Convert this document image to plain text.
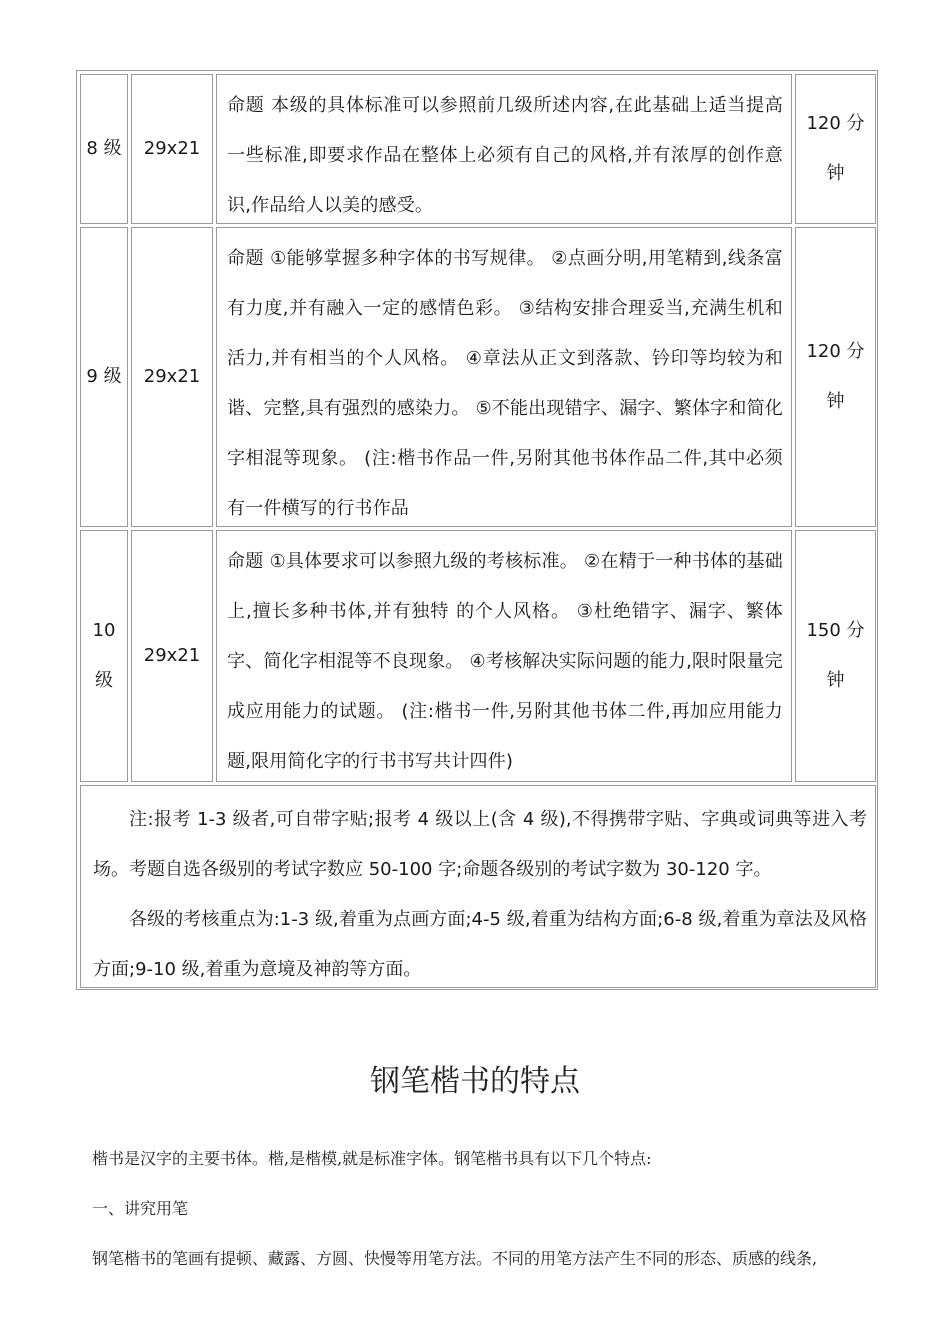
8 级 29x21
命题 本级的具体标准可以参照前几级所述内容,在此基础上适当提高一些标准,即要求作品在整体上必须有自己的风格,并有浓厚的创作意识,作品给人以美的感受。
120 分
钟
9 级 29x21
命题 ①能够掌握多种字体的书写规律。 ②点画分明,用笔精到,线条富有力度,并有融入一定的感情色彩。 ③结构安排合理妥当,充满生机和活力,并有相当的个人风格。 ④章法从正文到落款、钤印等均较为和谐、完整,具有强烈的感染力。 ⑤不能出现错字、漏字、繁体字和简化字相混等现象。 (注:楷书作品一件,另附其他书体作品二件,其中必须有一件横写的行书作品
120 分
钟
10
级
29x21
命题 ①具体要求可以参照九级的考核标准。 ②在精于一种书体的基础上,擅长多种书体,并有独特 的个人风格。 ③杜绝错字、漏字、繁体字、简化字相混等不良现象。 ④考核解决实际问题的能力,限时限量完成应用能力的试题。 (注:楷书一件,另附其他书体二件,再加应用能力题,限用简化字的行书书写共计四件)
150 分
钟

注:报考 1-3 级者,可自带字贴;报考 4 级以上(含 4 级),不得携带字贴、字典或词典等进入考场。考题自选各级别的考试字数应 50-100 字;命题各级别的考试字数为 30-120 字。

各级的考核重点为:1-3 级,着重为点画方面;4-5 级,着重为结构方面;6-8 级,着重为章法及风格方面;9-10 级,着重为意境及神韵等方面。

钢笔楷书的特点
楷书是汉字的主要书体。楷,是楷模,就是标准字体。钢笔楷书具有以下几个特点:
一、讲究用笔
钢笔楷书的笔画有提顿、藏露、方圆、快慢等用笔方法。不同的用笔方法产生不同的形态、质感的线条,
